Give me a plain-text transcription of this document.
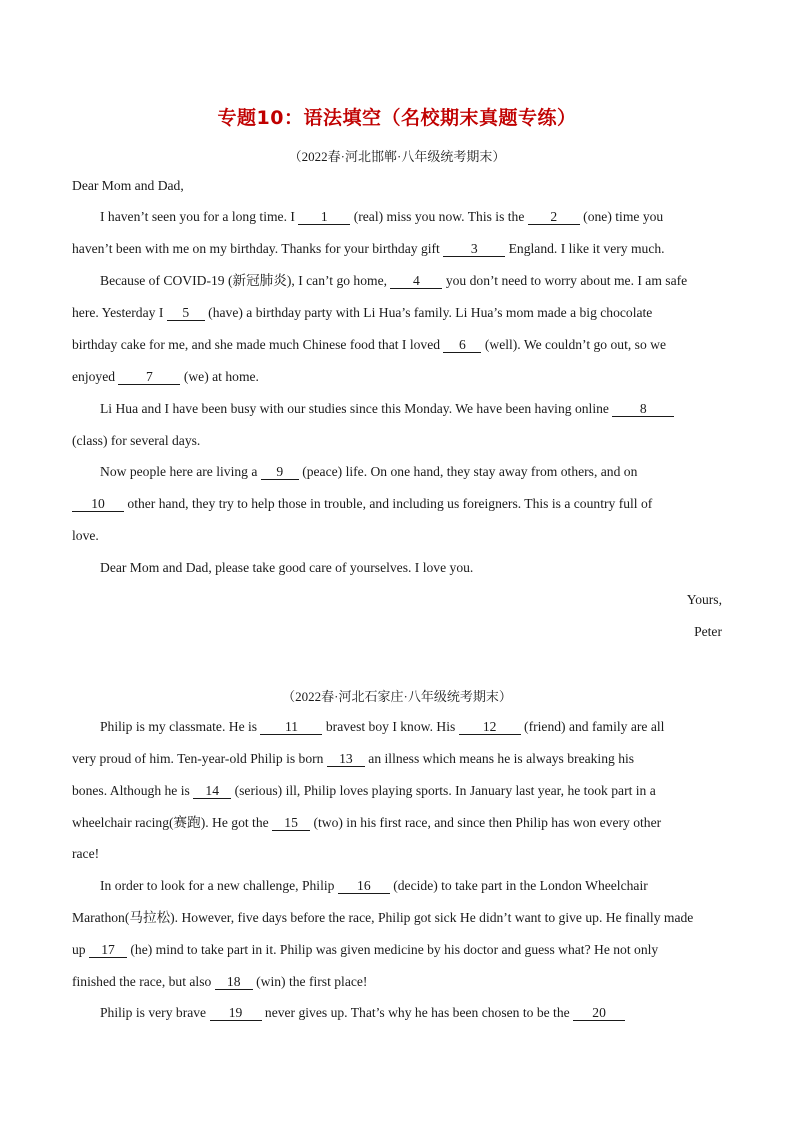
专题10：语法填空（名校期末真题专练）
（2022春·河北邯郸·八年级统考期末）
Dear Mom and Dad,
I haven’t seen you for a long time. I 1 (real) miss you now. This is the 2 (one) time you
haven’t been with me on my birthday. Thanks for your birthday gift 3 England. I like it very much.
Because of COVID-19 (新冠肺炎), I can’t go home, 4 you don’t need to worry about me. I am safe
here. Yesterday I 5 (have) a birthday party with Li Hua’s family. Li Hua’s mom made a big chocolate
birthday cake for me, and she made much Chinese food that I loved 6 (well). We couldn’t go out, so we
enjoyed 7 (we) at home.
Li Hua and I have been busy with our studies since this Monday. We have been having online 8
(class) for several days.
Now people here are living a 9 (peace) life. On one hand, they stay away from others, and on
10 other hand, they try to help those in trouble, and including us foreigners. This is a country full of
love.
Dear Mom and Dad, please take good care of yourselves. I love you.
Yours,
Peter
（2022春·河北石家庄·八年级统考期末）
Philip is my classmate. He is 11 bravest boy I know. His 12 (friend) and family are all
very proud of him. Ten-year-old Philip is born 13 an illness which means he is always breaking his
bones. Although he is 14 (serious) ill, Philip loves playing sports. In January last year, he took part in a
wheelchair racing(赛跑). He got the 15 (two) in his first race, and since then Philip has won every other
race!
In order to look for a new challenge, Philip 16 (decide) to take part in the London Wheelchair
Marathon(马拉松). However, five days before the race, Philip got sick He didn’t want to give up. He finally made
up 17 (he) mind to take part in it. Philip was given medicine by his doctor and guess what? He not only
finished the race, but also 18 (win) the first place!
Philip is very brave 19 never gives up. That’s why he has been chosen to be the 20
